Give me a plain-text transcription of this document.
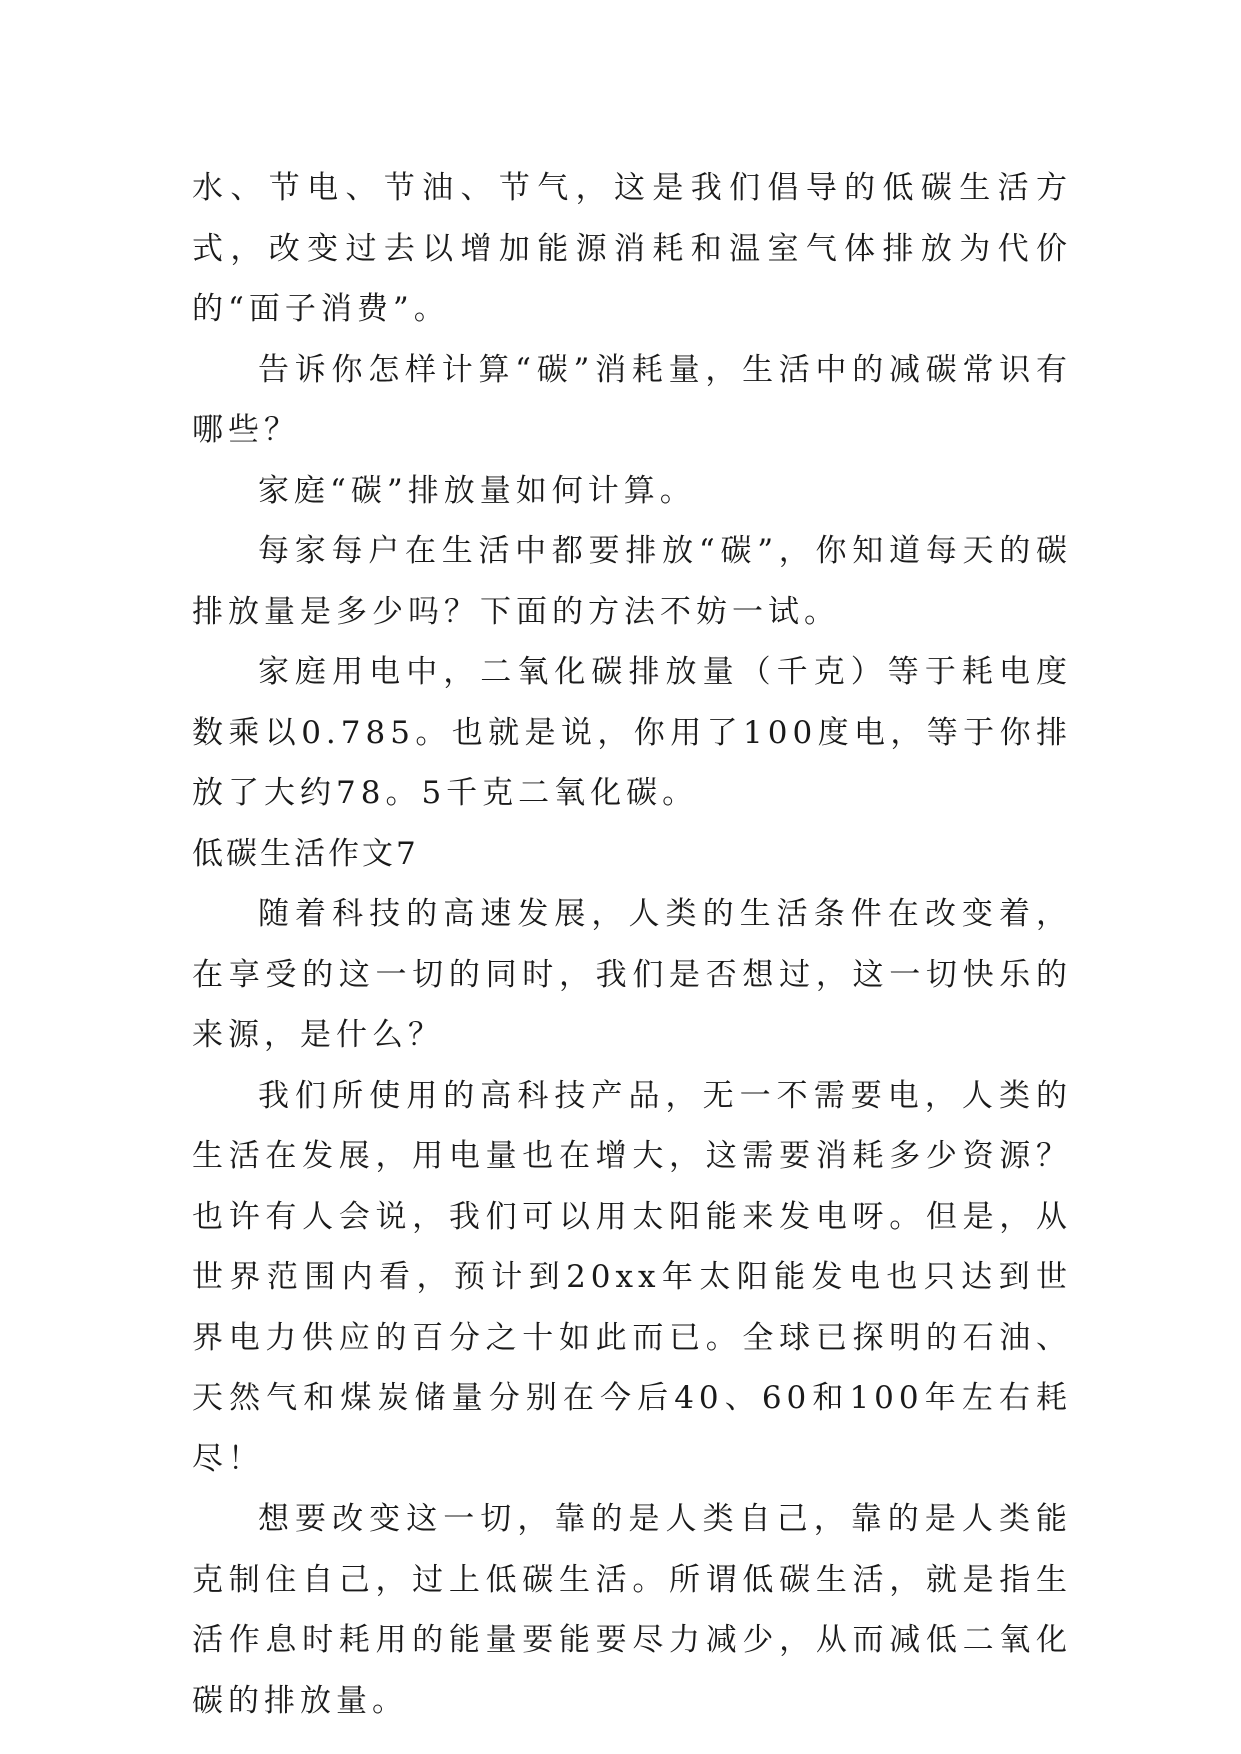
水、节电、节油、节气，这是我们倡导的低碳生活方式，改变过去以增加能源消耗和温室气体排放为代价的“面子消费”。

告诉你怎样计算“碳”消耗量，生活中的减碳常识有哪些？

家庭“碳”排放量如何计算。

每家每户在生活中都要排放“碳”，你知道每天的碳排放量是多少吗？下面的方法不妨一试。

家庭用电中，二氧化碳排放量（千克）等于耗电度数乘以0.785。也就是说，你用了100度电，等于你排放了大约78。5千克二氧化碳。

低碳生活作文7

随着科技的高速发展，人类的生活条件在改变着，在享受的这一切的同时，我们是否想过，这一切快乐的来源，是什么？

我们所使用的高科技产品，无一不需要电，人类的生活在发展，用电量也在增大，这需要消耗多少资源？也许有人会说，我们可以用太阳能来发电呀。但是，从世界范围内看，预计到20xx年太阳能发电也只达到世界电力供应的百分之十如此而已。全球已探明的石油、天然气和煤炭储量分别在今后40、60和100年左右耗尽！

想要改变这一切，靠的是人类自己，靠的是人类能克制住自己，过上低碳生活。所谓低碳生活，就是指生活作息时耗用的能量要能要尽力减少，从而减低二氧化碳的排放量。
